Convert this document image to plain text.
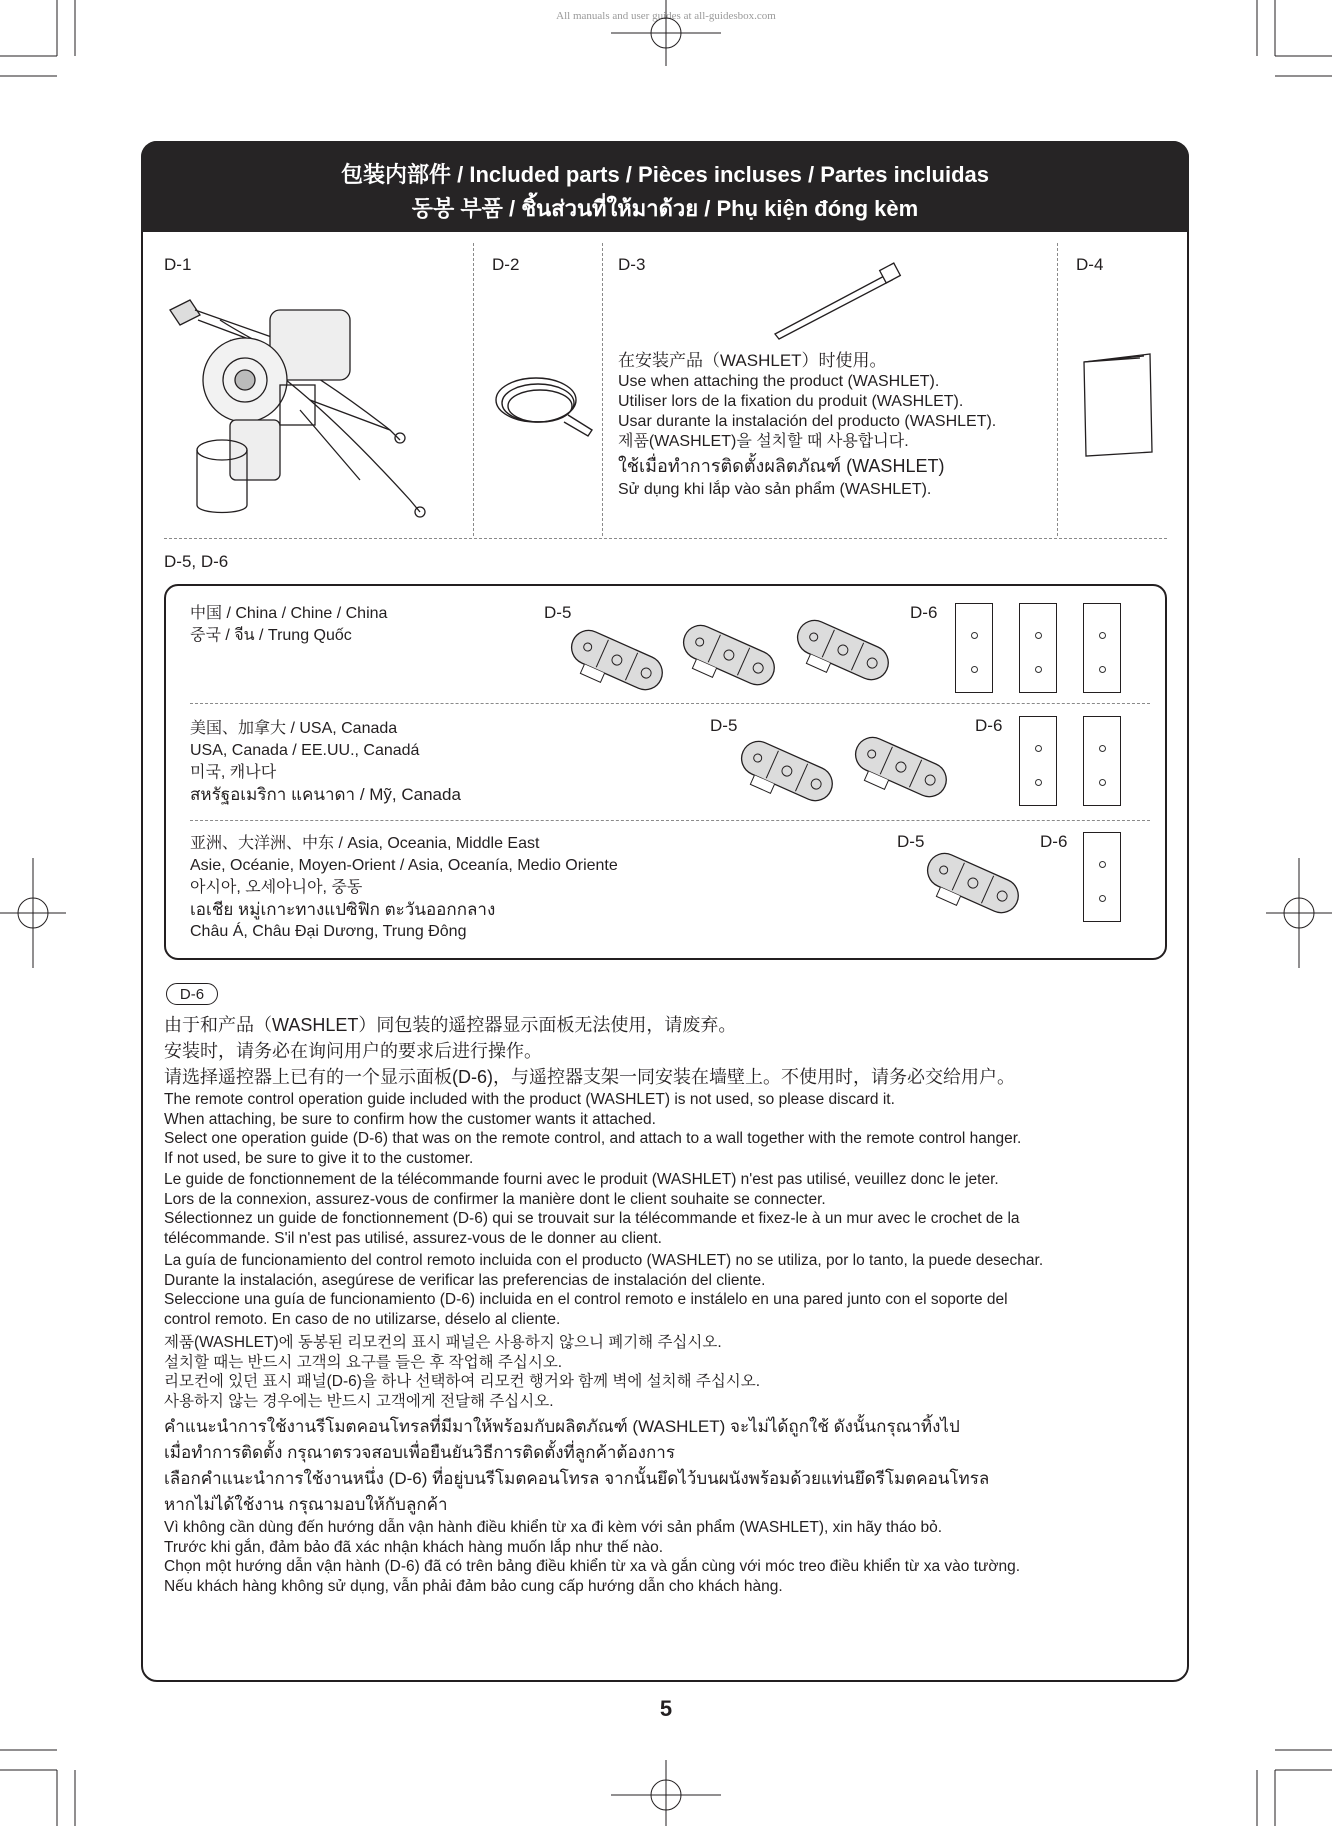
All manuals and user guides at all-guidesbox.com
包装内部件 / Included parts / Pièces incluses / Partes incluidas
동봉 부품 / ชิ้นส่วนที่ให้มาด้วย / Phụ kiện đóng kèm
D-1	D-2	D-3	D-4
在安装产品（WASHLET）时使用。
Use when attaching the product (WASHLET).
Utiliser lors de la fixation du produit (WASHLET).
Usar durante la instalación del producto (WASHLET).
제품(WASHLET)을 설치할 때 사용합니다.
ใช้เมื่อทำการติดตั้งผลิตภัณฑ์ (WASHLET)
Sử dụng khi lắp vào sản phẩm (WASHLET).
D-5, D-6
中国 / China / Chine / China
중국 / จีน / Trung Quốc
D-5	D-6
美国、加拿大 / USA, Canada
USA, Canada / EE.UU., Canadá
미국, 캐나다
สหรัฐอเมริกา แคนาดา / Mỹ, Canada
D-5	D-6
亚洲、大洋洲、中东 / Asia, Oceania, Middle East
Asie, Océanie, Moyen-Orient / Asia, Oceanía, Medio Oriente
아시아, 오세아니아, 중동
เอเชีย หมู่เกาะทางแปซิฟิก ตะวันออกกลาง
Châu Á, Châu Đại Dương, Trung Đông
D-5	D-6
D-6
由于和产品（WASHLET）同包装的遥控器显示面板无法使用，请废弃。
安装时，请务必在询问用户的要求后进行操作。
请选择遥控器上已有的一个显示面板(D-6)，与遥控器支架一同安装在墙壁上。不使用时，请务必交给用户。
The remote control operation guide included with the product (WASHLET) is not used, so please discard it.
When attaching, be sure to confirm how the customer wants it attached.
Select one operation guide (D-6) that was on the remote control, and attach to a wall together with the remote control hanger.
If not used, be sure to give it to the customer.
Le guide de fonctionnement de la télécommande fourni avec le produit (WASHLET) n'est pas utilisé, veuillez donc le jeter.
Lors de la connexion, assurez-vous de confirmer la manière dont le client souhaite se connecter.
Sélectionnez un guide de fonctionnement (D-6) qui se trouvait sur la télécommande et fixez-le à un mur avec le crochet de la
télécommande. S'il n'est pas utilisé, assurez-vous de le donner au client.
La guía de funcionamiento del control remoto incluida con el producto (WASHLET) no se utiliza, por lo tanto, la puede desechar.
Durante la instalación, asegúrese de verificar las preferencias de instalación del cliente.
Seleccione una guía de funcionamiento (D-6) incluida en el control remoto e instálelo en una pared junto con el soporte del
control remoto. En caso de no utilizarse, déselo al cliente.
제품(WASHLET)에 동봉된 리모컨의 표시 패널은 사용하지 않으니 폐기해 주십시오.
설치할 때는 반드시 고객의 요구를 들은 후 작업해 주십시오.
리모컨에 있던 표시 패널(D-6)을 하나 선택하여 리모컨 행거와 함께 벽에 설치해 주십시오.
사용하지 않는 경우에는 반드시 고객에게 전달해 주십시오.
คำแนะนำการใช้งานรีโมตคอนโทรลที่มีมาให้พร้อมกับผลิตภัณฑ์ (WASHLET) จะไม่ได้ถูกใช้ ดังนั้นกรุณาทิ้งไป
เมื่อทำการติดตั้ง กรุณาตรวจสอบเพื่อยืนยันวิธีการติดตั้งที่ลูกค้าต้องการ
เลือกคำแนะนำการใช้งานหนึ่ง (D-6) ที่อยู่บนรีโมตคอนโทรล จากนั้นยึดไว้บนผนังพร้อมด้วยแท่นยึดรีโมตคอนโทรล
หากไม่ได้ใช้งาน กรุณามอบให้กับลูกค้า
Vì không cần dùng đến hướng dẫn vận hành điều khiển từ xa đi kèm với sản phẩm (WASHLET), xin hãy tháo bỏ.
Trước khi gắn, đảm bảo đã xác nhận khách hàng muốn lắp như thế nào.
Chọn một hướng dẫn vận hành (D-6) đã có trên bảng điều khiển từ xa và gắn cùng với móc treo điều khiển từ xa vào tường.
Nếu khách hàng không sử dụng, vẫn phải đảm bảo cung cấp hướng dẫn cho khách hàng.
5
